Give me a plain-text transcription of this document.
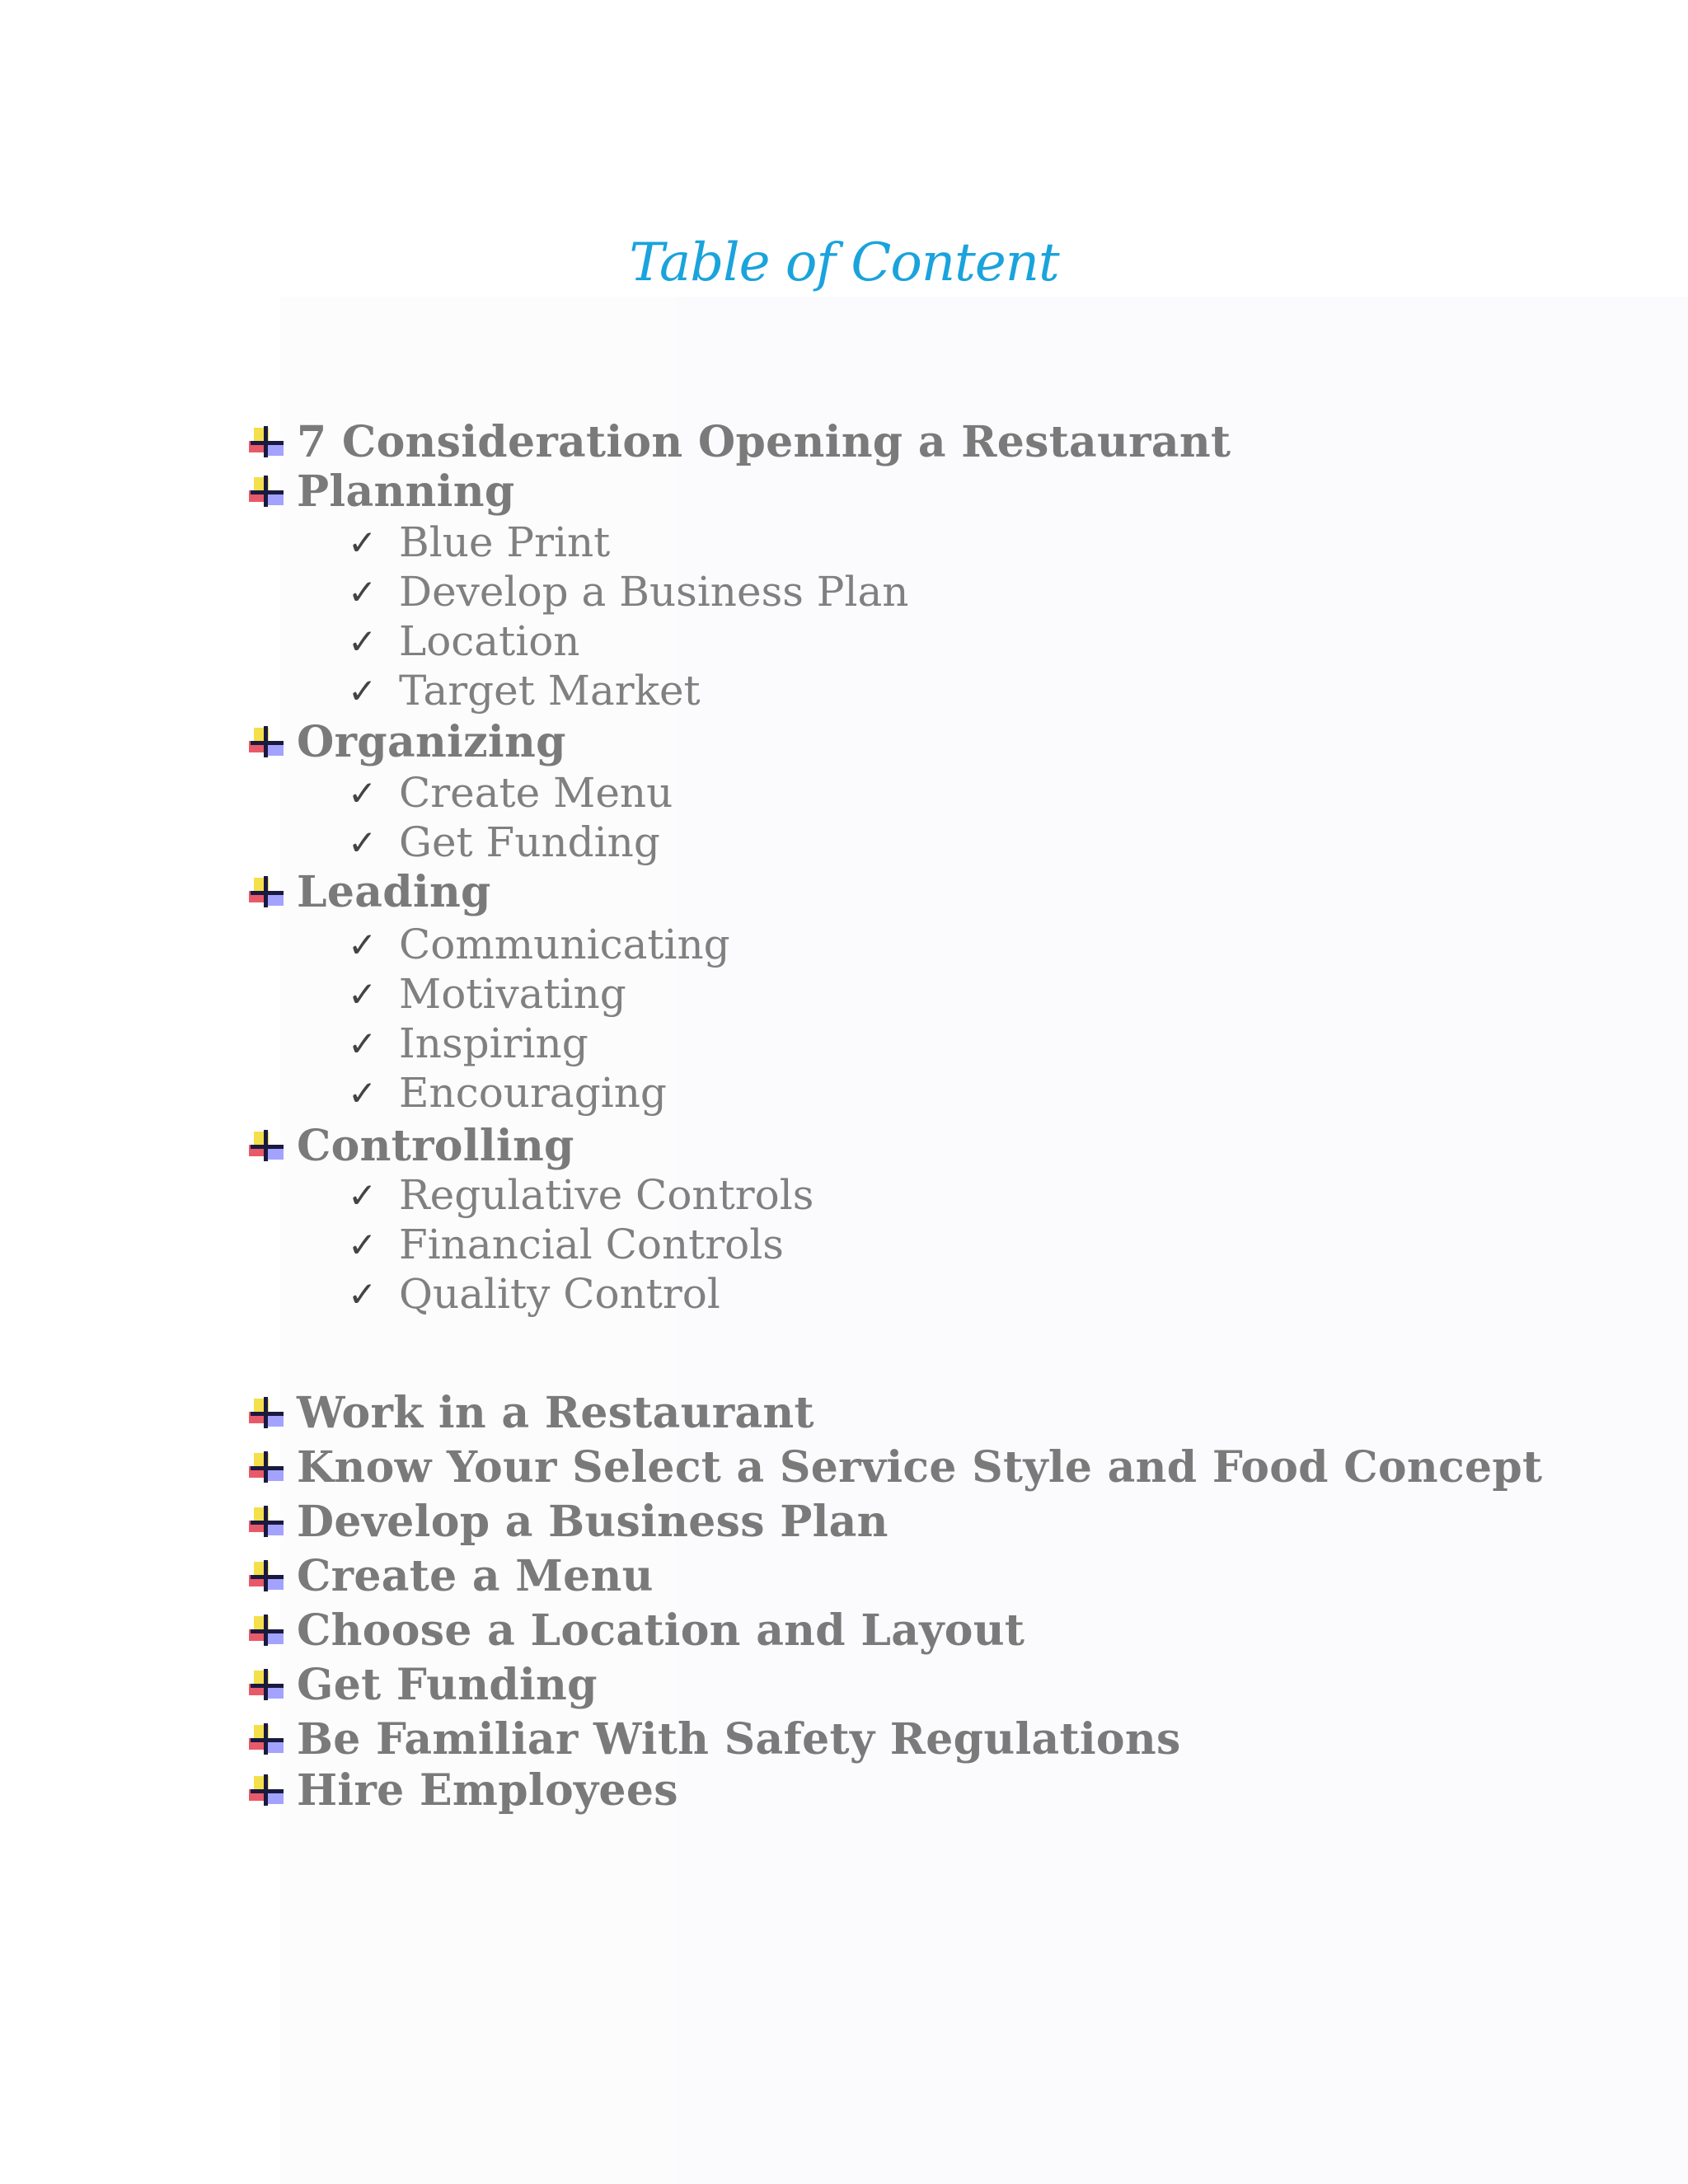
Table of Content
7 Consideration Opening a Restaurant
Planning
✓ Blue Print
✓ Develop a Business Plan
✓ Location
✓ Target Market
Organizing
✓ Create Menu
✓ Get Funding
Leading
✓ Communicating
✓ Motivating
✓ Inspiring
✓ Encouraging
Controlling
✓ Regulative Controls
✓ Financial Controls
✓ Quality Control
Work in a Restaurant
Know Your Select a Service Style and Food Concept
Develop a Business Plan
Create a Menu
Choose a Location and Layout
Get Funding
Be Familiar With Safety Regulations
Hire Employees
